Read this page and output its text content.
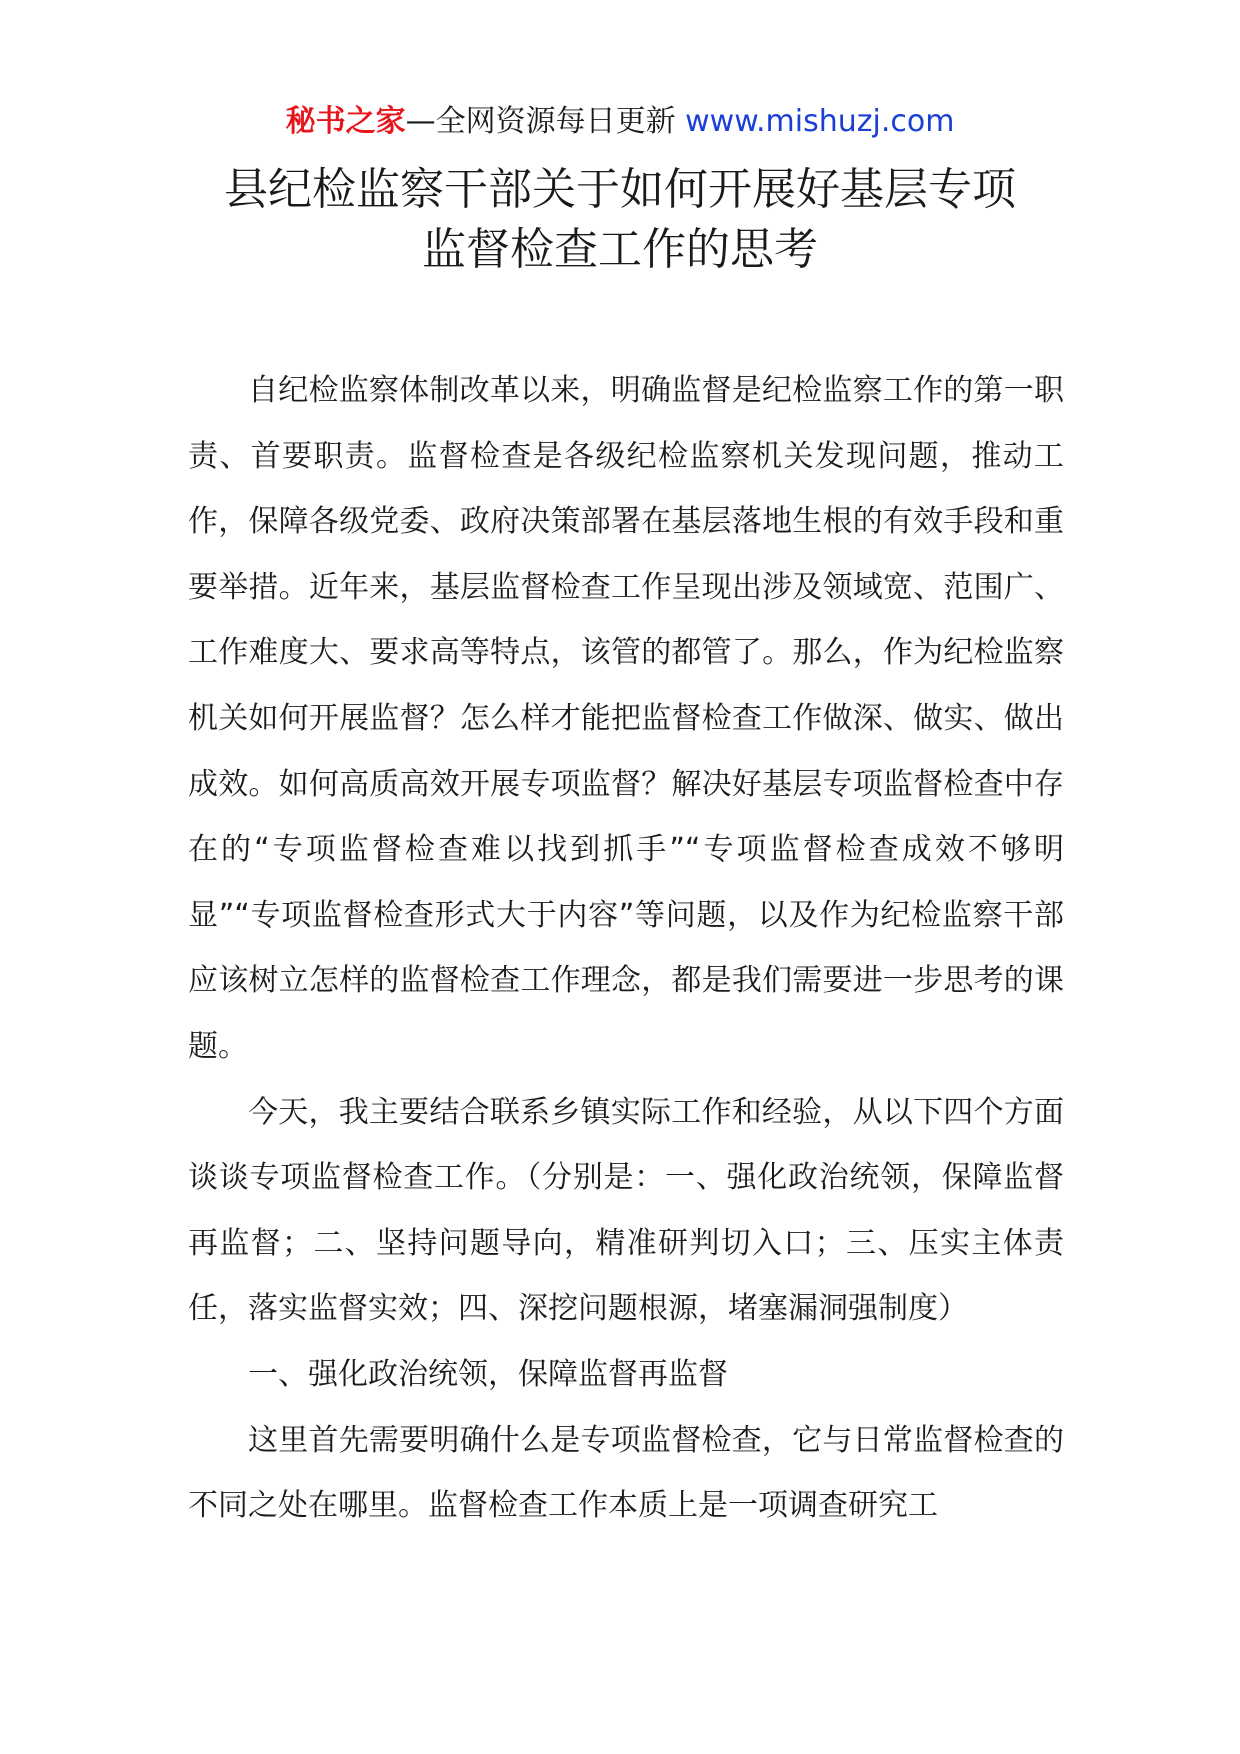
秘书之家—全网资源每日更新 www.mishuzj.com
县纪检监察干部关于如何开展好基层专项
监督检查工作的思考

自纪检监察体制改革以来，明确监督是纪检监察工作的第一职责、首要职责。监督检查是各级纪检监察机关发现问题，推动工作，保障各级党委、政府决策部署在基层落地生根的有效手段和重要举措。近年来，基层监督检查工作呈现出涉及领域宽、范围广、工作难度大、要求高等特点，该管的都管了。那么，作为纪检监察机关如何开展监督？怎么样才能把监督检查工作做深、做实、做出成效。如何高质高效开展专项监督？解决好基层专项监督检查中存在的“专项监督检查难以找到抓手”“专项监督检查成效不够明显”“专项监督检查形式大于内容”等问题，以及作为纪检监察干部应该树立怎样的监督检查工作理念，都是我们需要进一步思考的课题。

今天，我主要结合联系乡镇实际工作和经验，从以下四个方面谈谈专项监督检查工作。（分别是：一、强化政治统领，保障监督再监督；二、坚持问题导向，精准研判切入口；三、压实主体责任，落实监督实效；四、深挖问题根源，堵塞漏洞强制度）

一、强化政治统领，保障监督再监督

这里首先需要明确什么是专项监督检查，它与日常监督检查的不同之处在哪里。监督检查工作本质上是一项调查研究工
